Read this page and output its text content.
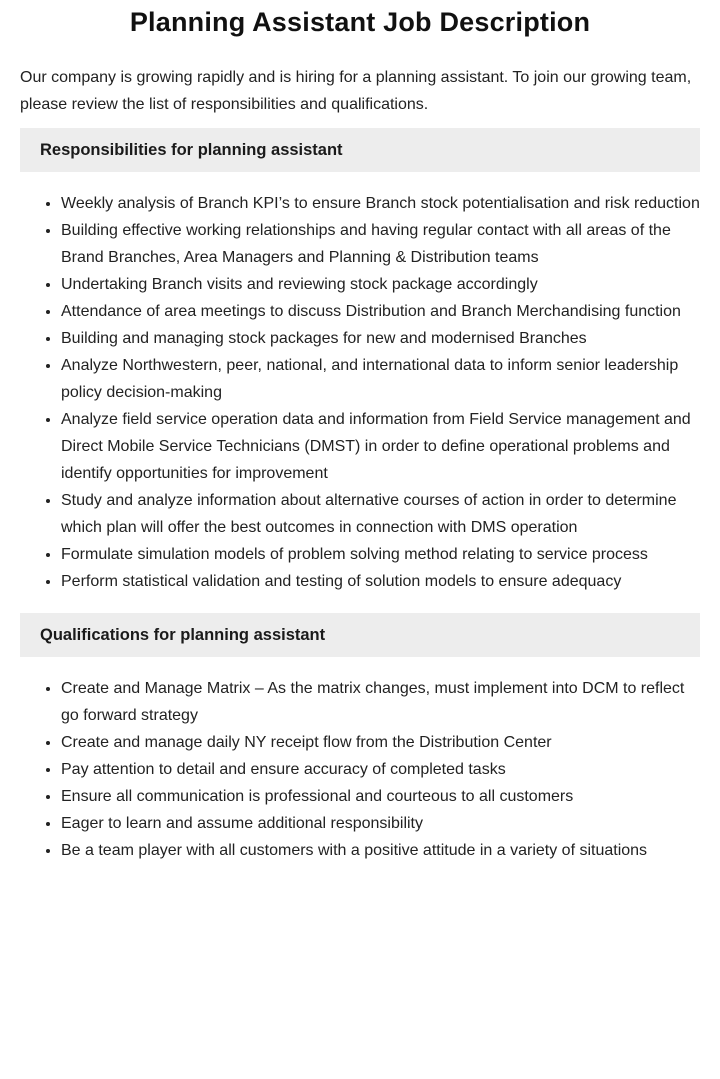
Planning Assistant Job Description

Our company is growing rapidly and is hiring for a planning assistant. To join our growing team, please review the list of responsibilities and qualifications.

Responsibilities for planning assistant
• Weekly analysis of Branch KPI’s to ensure Branch stock potentialisation and risk reduction
• Building effective working relationships and having regular contact with all areas of the Brand Branches, Area Managers and Planning & Distribution teams
• Undertaking Branch visits and reviewing stock package accordingly
• Attendance of area meetings to discuss Distribution and Branch Merchandising function
• Building and managing stock packages for new and modernised Branches
• Analyze Northwestern, peer, national, and international data to inform senior leadership policy decision-making
• Analyze field service operation data and information from Field Service management and Direct Mobile Service Technicians (DMST) in order to define operational problems and identify opportunities for improvement
• Study and analyze information about alternative courses of action in order to determine which plan will offer the best outcomes in connection with DMS operation
• Formulate simulation models of problem solving method relating to service process
• Perform statistical validation and testing of solution models to ensure adequacy
Qualifications for planning assistant
• Create and Manage Matrix – As the matrix changes, must implement into DCM to reflect go forward strategy
• Create and manage daily NY receipt flow from the Distribution Center
• Pay attention to detail and ensure accuracy of completed tasks
• Ensure all communication is professional and courteous to all customers
• Eager to learn and assume additional responsibility
• Be a team player with all customers with a positive attitude in a variety of situations
